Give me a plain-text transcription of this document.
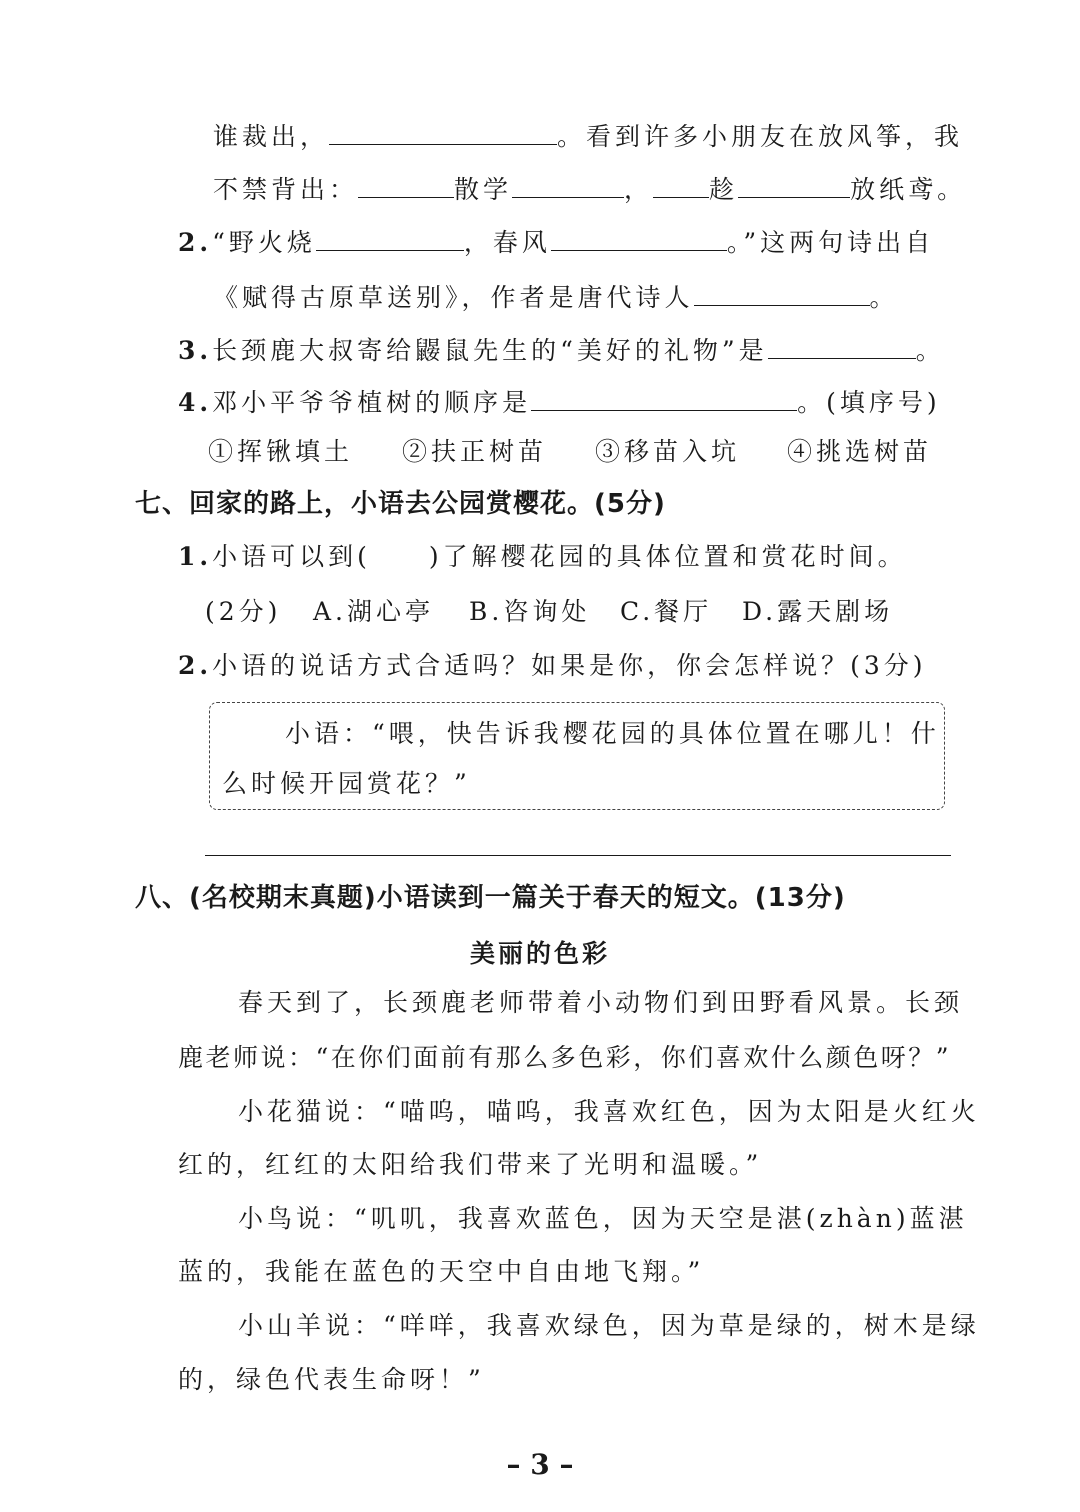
谁裁出，	。看到许多小朋友在放风筝，我
不禁背出：	散学	， 趁	放纸鸢。
2.“野火烧	，春风	。”这两句诗出自
《赋得古原草送别》，作者是唐代诗人	。
3.长颈鹿大叔寄给鼹鼠先生的“美好的礼物”是	。
4.邓小平爷爷植树的顺序是	。(填序号)
①挥锹填土 ②扶正树苗 ③移苗入坑 ④挑选树苗
七、回家的路上，小语去公园赏樱花。(5分)
1.小语可以到(　　)了解樱花园的具体位置和赏花时间。
(2分) A.湖心亭 B.咨询处 C.餐厅 D.露天剧场
2.小语的说话方式合适吗？如果是你，你会怎样说？(3分)
小语：“喂，快告诉我樱花园的具体位置在哪儿！什
么时候开园赏花？”
八、(名校期末真题)小语读到一篇关于春天的短文。(13分)
美丽的色彩
春天到了，长颈鹿老师带着小动物们到田野看风景。长颈
鹿老师说：“在你们面前有那么多色彩，你们喜欢什么颜色呀？”
小花猫说：“喵呜，喵呜，我喜欢红色，因为太阳是火红火
红的，红红的太阳给我们带来了光明和温暖。”
小鸟说：“叽叽，我喜欢蓝色，因为天空是湛(zhàn)蓝湛
蓝的，我能在蓝色的天空中自由地飞翔。”
小山羊说：“咩咩，我喜欢绿色，因为草是绿的，树木是绿
的，绿色代表生命呀！”
– 3 –
